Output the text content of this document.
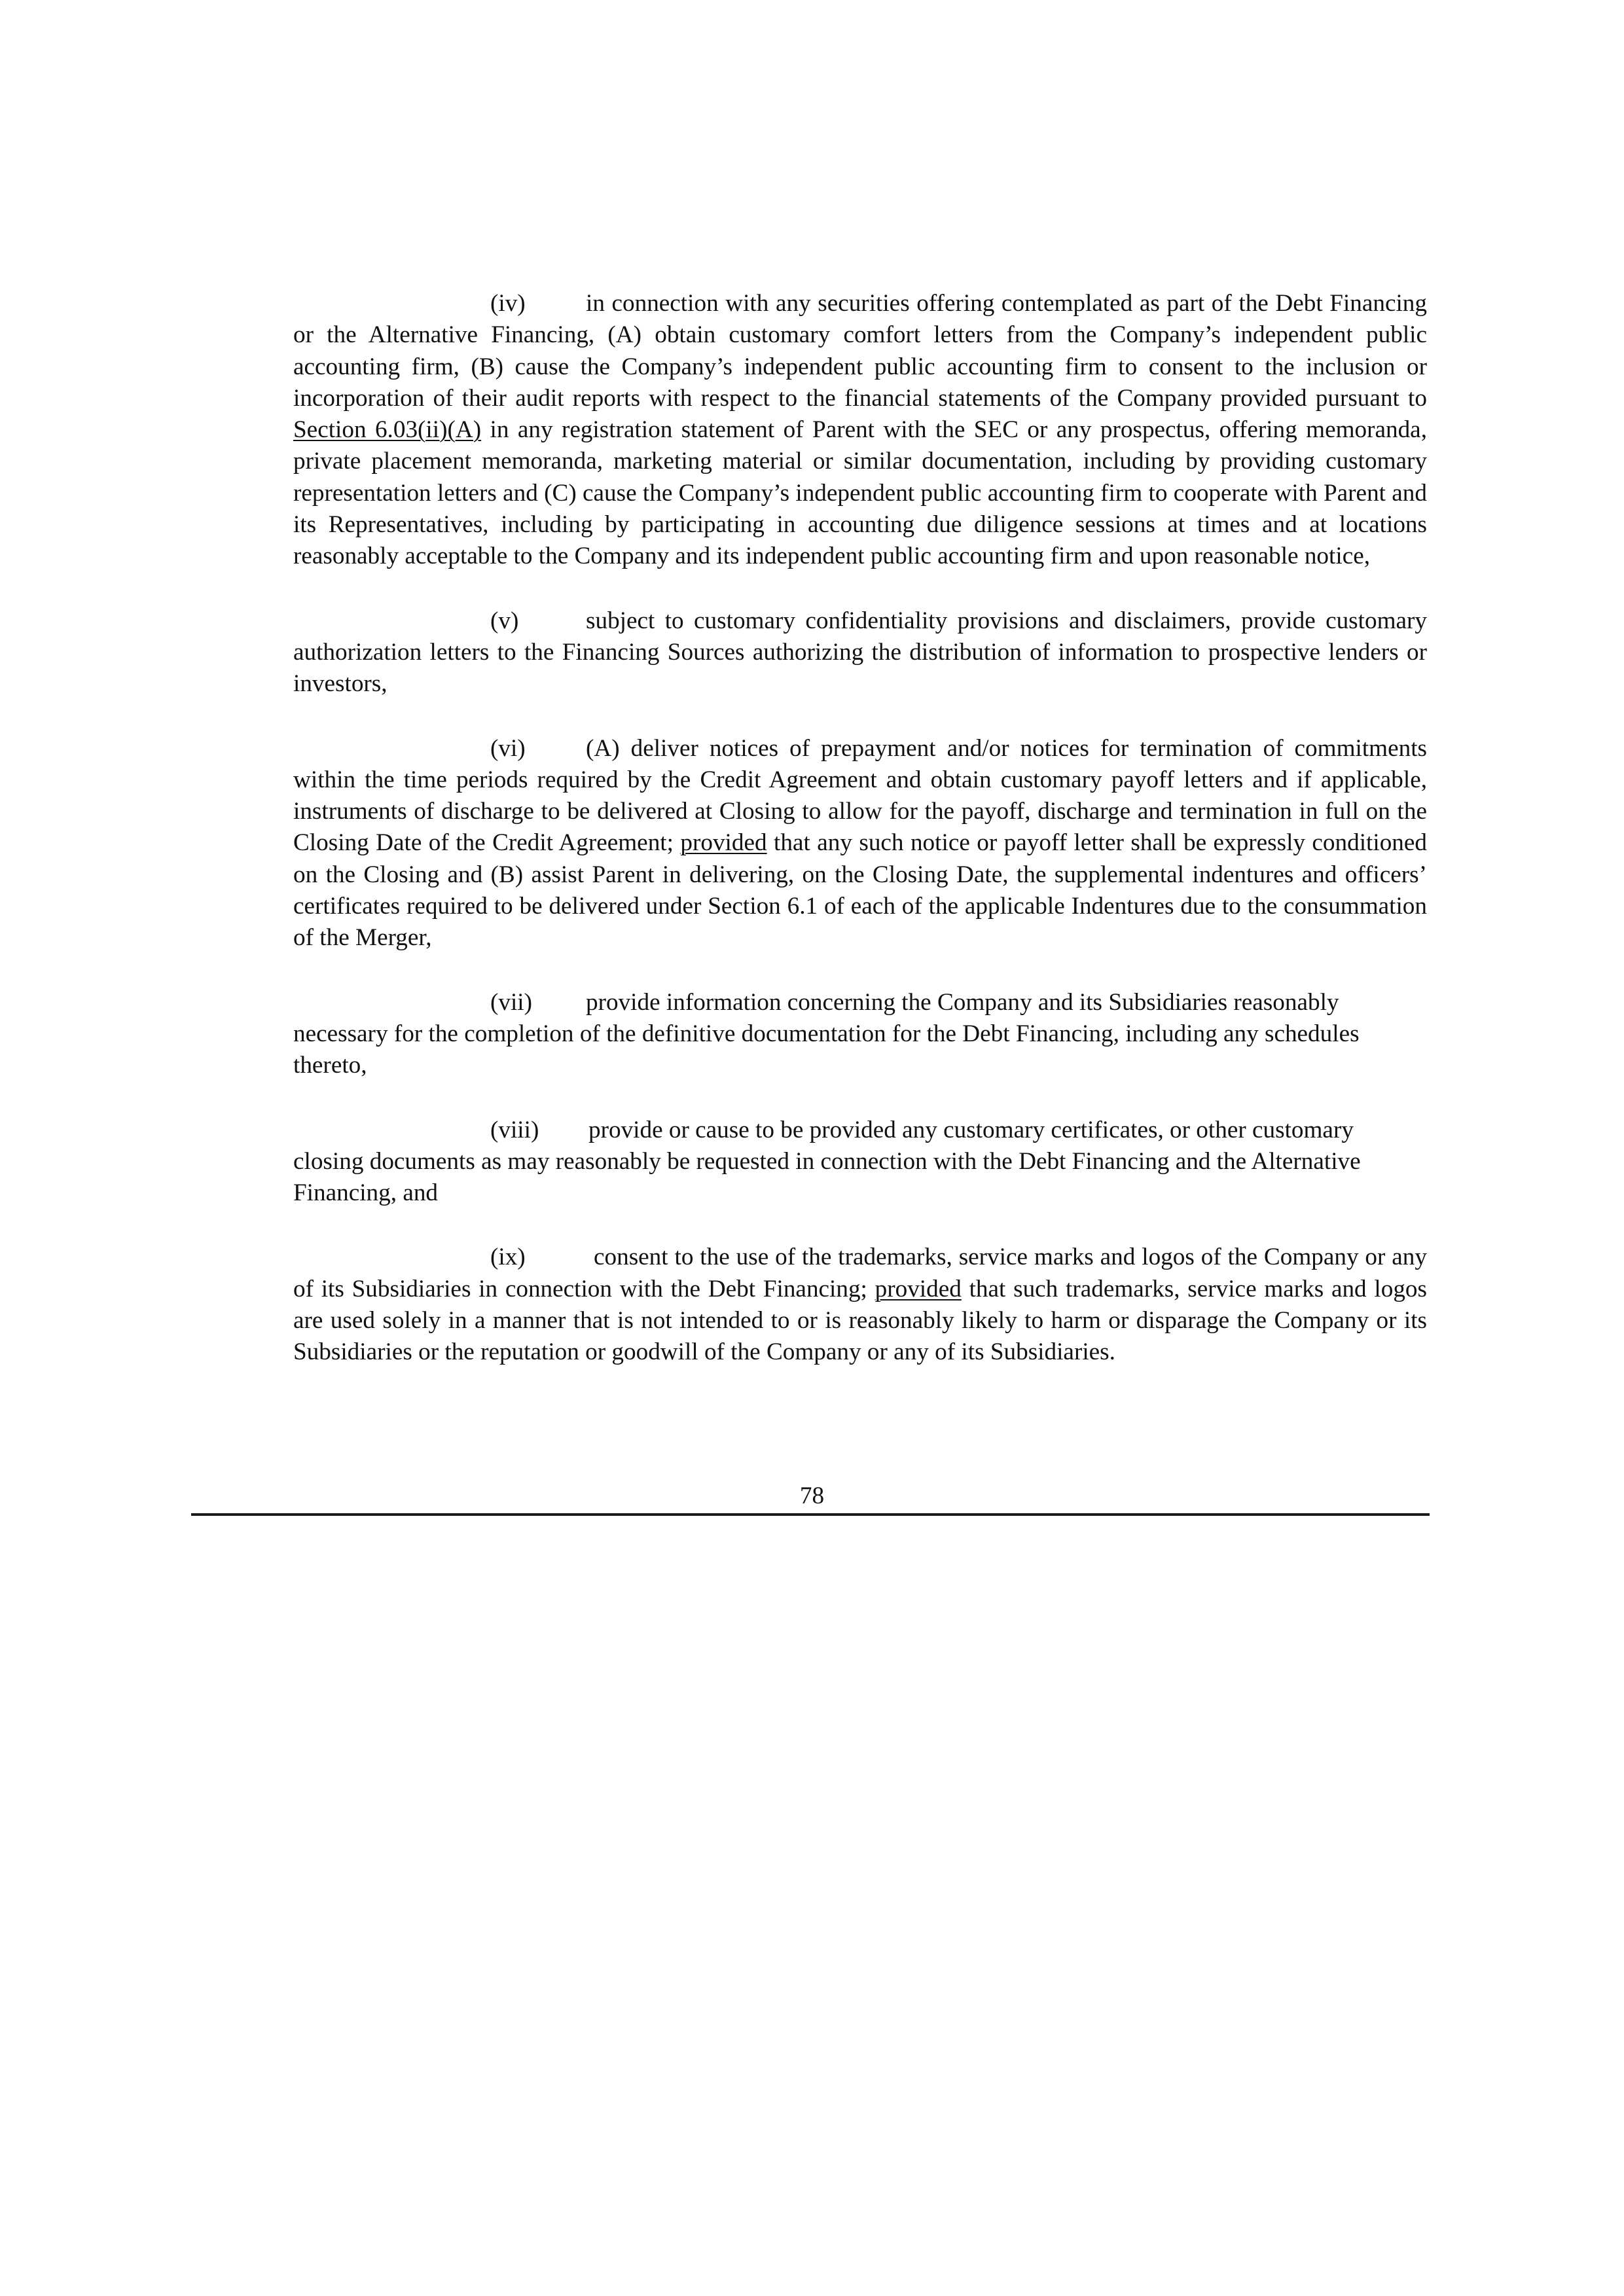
(iv) in connection with any securities offering contemplated as part of the Debt Financing or the Alternative Financing, (A) obtain customary comfort letters from the Company’s independent public accounting firm, (B) cause the Company’s independent public accounting firm to consent to the inclusion or incorporation of their audit reports with respect to the financial statements of the Company provided pursuant to Section 6.03(ii)(A) in any registration statement of Parent with the SEC or any prospectus, offering memoranda, private placement memoranda, marketing material or similar documentation, including by providing customary representation letters and (C) cause the Company’s independent public accounting firm to cooperate with Parent and its Representatives, including by participating in accounting due diligence sessions at times and at locations reasonably acceptable to the Company and its independent public accounting firm and upon reasonable notice,

(v)	subject to customary confidentiality provisions and disclaimers, provide customary authorization letters to the Financing Sources authorizing the distribution of information to prospective lenders or investors,

(vi) (A) deliver notices of prepayment and/or notices for termination of commitments within the time periods required by the Credit Agreement and obtain customary payoff letters and if applicable, instruments of discharge to be delivered at Closing to allow for the payoff, discharge and termination in full on the Closing Date of the Credit Agreement; provided that any such notice or payoff letter shall be expressly conditioned on the Closing and (B) assist Parent in delivering, on the Closing Date, the supplemental indentures and officers’ certificates required to be delivered under Section 6.1 of each of the applicable Indentures due to the consummation of the Merger,

(vii) provide information concerning the Company and its Subsidiaries reasonably necessary for the completion of the definitive documentation for the Debt Financing, including any schedules thereto,

(viii) provide or cause to be provided any customary certificates, or other customary closing documents as may reasonably be requested in connection with the Debt Financing and the Alternative Financing, and

(ix)	consent to the use of the trademarks, service marks and logos of the Company or any of its Subsidiaries in connection with the Debt Financing; provided that such trademarks, service marks and logos are used solely in a manner that is not intended to or is reasonably likely to harm or disparage the Company or its Subsidiaries or the reputation or goodwill of the Company or any of its Subsidiaries.

78
